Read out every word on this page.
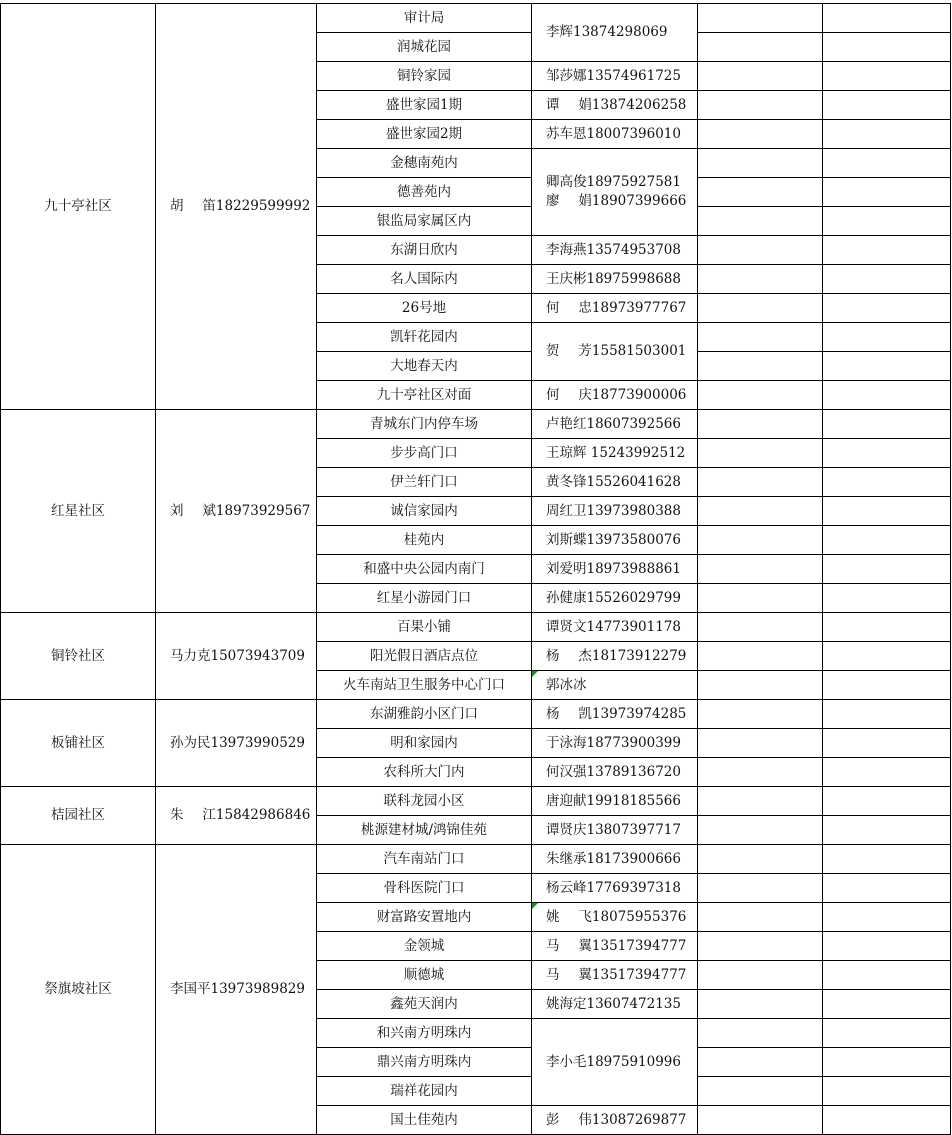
九十亭社区	胡 笛18229599992	审计局	李辉13874298069		

		润城花园			
		铜铃家园	邹莎娜13574961725		

		盛世家园1期	谭 娟13874206258		

		盛世家园2期	苏车恩18007396010		

		金穗南苑内	卿高俊18975927581
廖 娟18907399666		

		德善苑内			
		银监局家属区内			
		东湖日欣内	李海燕13574953708		

		名人国际内	王庆彬18975998688		

		26号地	何 忠18973977767		

		凯轩花园内	贺 芳15581503001		

		大地春天内			
		九十亭社区对面	何 庆18773900006		

红星社区	刘 斌18973929567	青城东门内停车场	卢艳红18607392566		

		步步高门口	王琼辉 15243992512		

		伊兰轩门口	黄冬锋15526041628		

		诚信家园内	周红卫13973980388		

		桂苑内	刘斯蝶13973580076		

		和盛中央公园内南门	刘爱明18973988861		

		红星小游园门口	孙健康15526029799		

铜铃社区	马力克15073943709	百果小铺	谭贤文14773901178		

		阳光假日酒店点位	杨 杰18173912279		

		火车南站卫生服务中心门口	郭冰冰		

板铺社区	孙为民13973990529	东湖雅韵小区门口	杨 凯13973974285		

		明和家园内	于泳海18773900399		

		农科所大门内	何汉强13789136720		

桔园社区	朱 江15842986846	联科龙园小区	唐迎献19918185566		

		桃源建材城/鸿锦佳苑	谭贤庆13807397717		

祭旗坡社区	李国平13973989829	汽车南站门口	朱继承18173900666		

		骨科医院门口	杨云峰17769397318		

		财富路安置地内	姚 飞18075955376		

		金领城	马 翼13517394777		

		顺德城	马 翼13517394777		

		鑫苑天润内	姚海定13607472135		

		和兴南方明珠内	李小毛18975910996		

		鼎兴南方明珠内			
		瑞祥花园内			
		国土佳苑内	彭 伟13087269877		
